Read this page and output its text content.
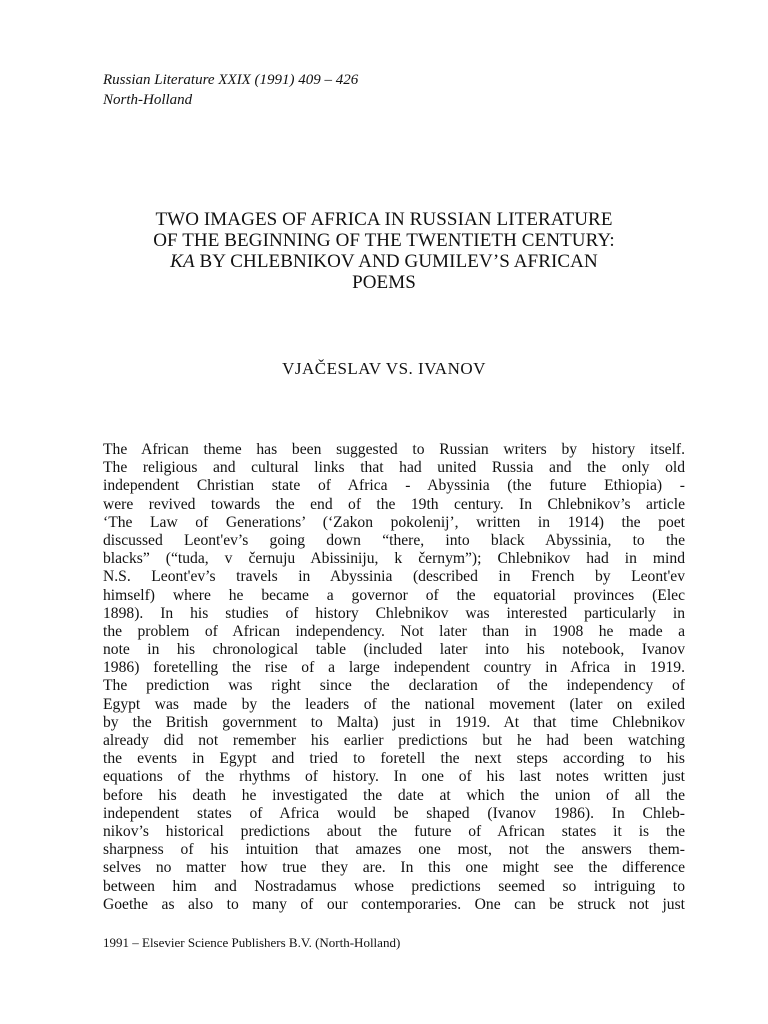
Russian Literature XXIX (1991) 409 – 426
North-Holland
TWO IMAGES OF AFRICA IN RUSSIAN LITERATURE
OF THE BEGINNING OF THE TWENTIETH CENTURY:
KA BY CHLEBNIKOV AND GUMILEV’S AFRICAN
POEMS
VJAČESLAV VS. IVANOV
The African theme has been suggested to Russian writers by history itself.
The religious and cultural links that had united Russia and the only old
independent Christian state of Africa - Abyssinia (the future Ethiopia) -
were revived towards the end of the 19th century. In Chlebnikov’s article
‘The Law of Generations’ (‘Zakon pokolenij’, written in 1914) the poet
discussed Leont'ev’s going down “there, into black Abyssinia, to the
blacks” (“tuda, v černuju Abissiniju, k černym”); Chlebnikov had in mind
N.S. Leont'ev’s travels in Abyssinia (described in French by Leont'ev
himself) where he became a governor of the equatorial provinces (Elec
1898). In his studies of history Chlebnikov was interested particularly in
the problem of African independency. Not later than in 1908 he made a
note in his chronological table (included later into his notebook, Ivanov
1986) foretelling the rise of a large independent country in Africa in 1919.
The prediction was right since the declaration of the independency of
Egypt was made by the leaders of the national movement (later on exiled
by the British government to Malta) just in 1919. At that time Chlebnikov
already did not remember his earlier predictions but he had been watching
the events in Egypt and tried to foretell the next steps according to his
equations of the rhythms of history. In one of his last notes written just
before his death he investigated the date at which the union of all the
independent states of Africa would be shaped (Ivanov 1986). In Chleb-
nikov’s historical predictions about the future of African states it is the
sharpness of his intuition that amazes one most, not the answers them-
selves no matter how true they are. In this one might see the difference
between him and Nostradamus whose predictions seemed so intriguing to
Goethe as also to many of our contemporaries. One can be struck not just
1991 – Elsevier Science Publishers B.V. (North-Holland)
